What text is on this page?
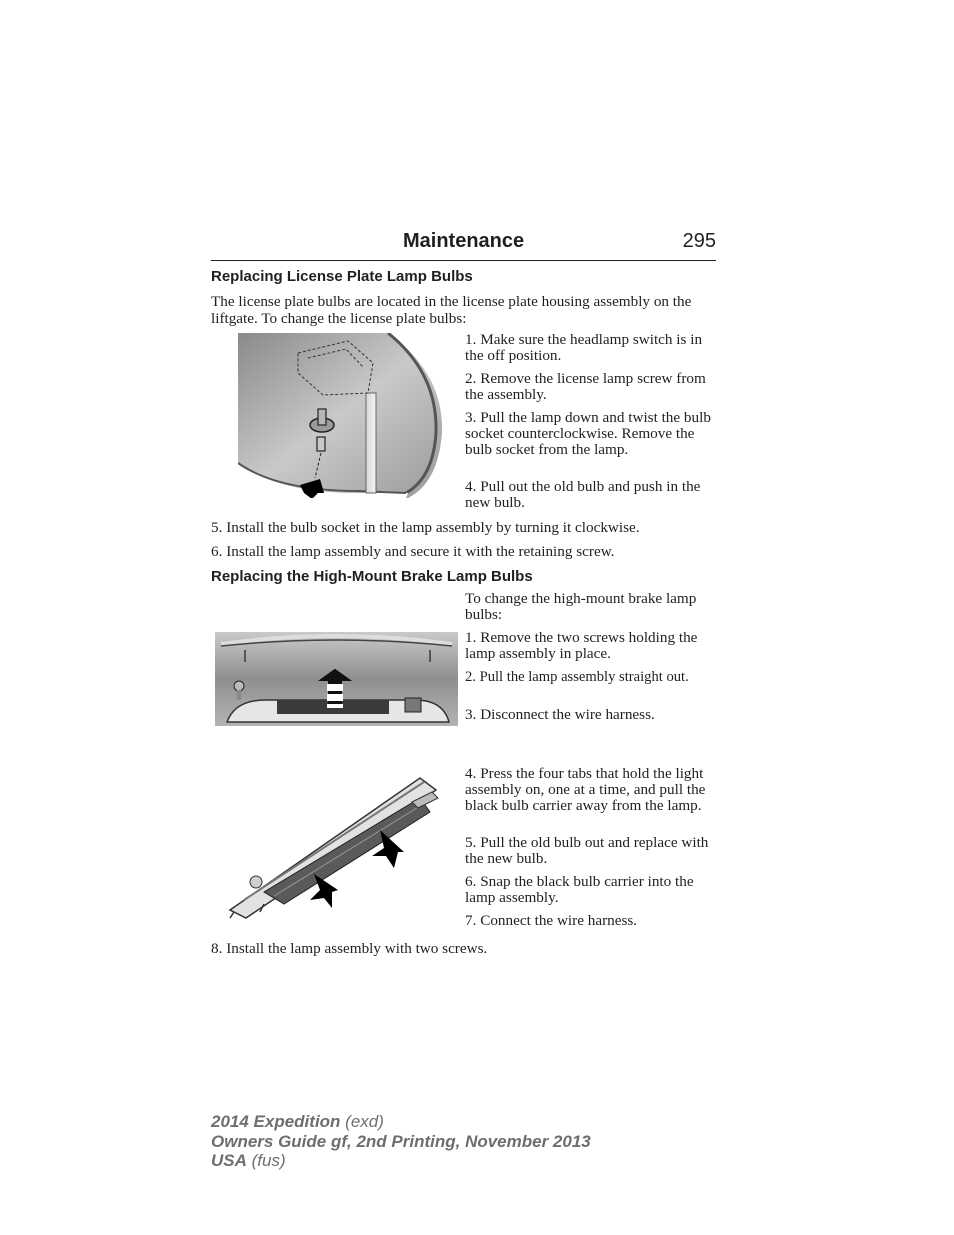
Maintenance	295
Replacing License Plate Lamp Bulbs

The license plate bulbs are located in the license plate housing assembly on the liftgate. To change the license plate bulbs:

1. Make sure the headlamp switch is in the off position.

2. Remove the license lamp screw from the assembly.

3. Pull the lamp down and twist the bulb socket counterclockwise. Remove the bulb socket from the lamp.

4. Pull out the old bulb and push in the new bulb.

5. Install the bulb socket in the lamp assembly by turning it clockwise.

6. Install the lamp assembly and secure it with the retaining screw.

Replacing the High-Mount Brake Lamp Bulbs

To change the high-mount brake lamp bulbs:

1. Remove the two screws holding the lamp assembly in place.

2. Pull the lamp assembly straight out.

3. Disconnect the wire harness.

4. Press the four tabs that hold the light assembly on, one at a time, and pull the black bulb carrier away from the lamp.

5. Pull the old bulb out and replace with the new bulb.

6. Snap the black bulb carrier into the lamp assembly.

7. Connect the wire harness.

8. Install the lamp assembly with two screws.

2014 Expedition (exd)
Owners Guide gf, 2nd Printing, November 2013
USA (fus)
